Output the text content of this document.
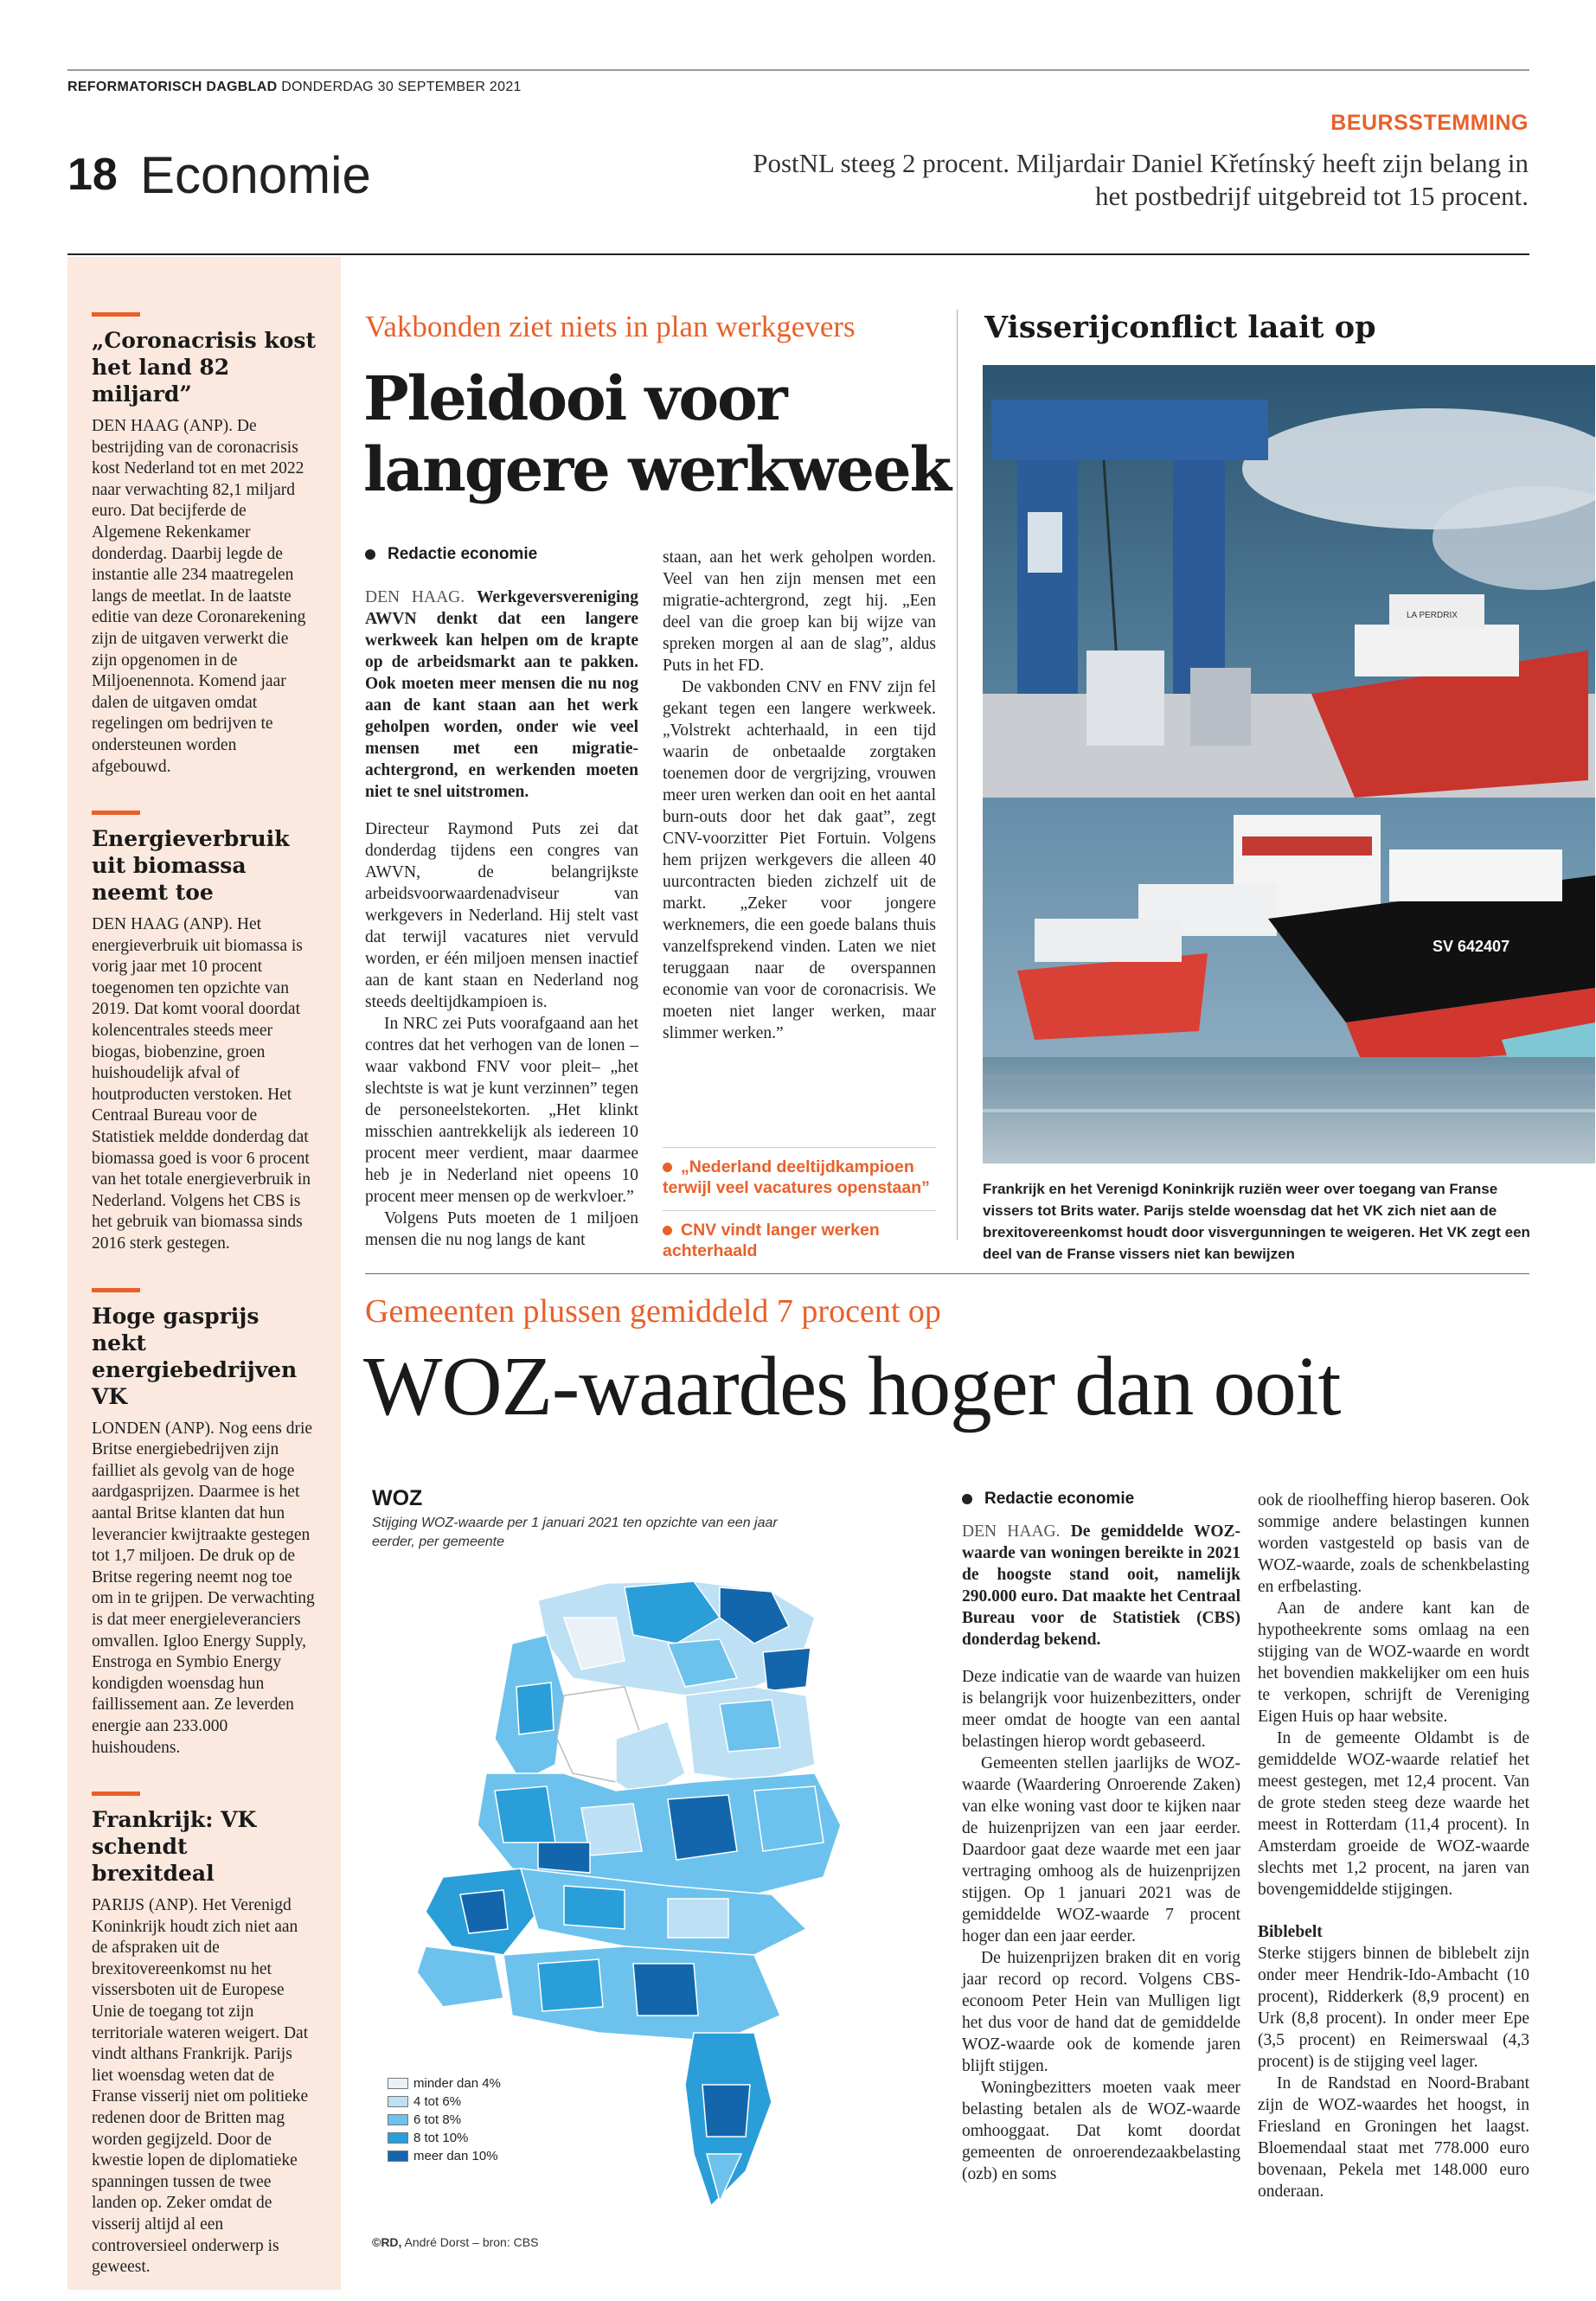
REFORMATORISCH DAGBLAD DONDERDAG 30 SEPTEMBER 2021
18 Economie
BEURSSTEMMING
PostNL steeg 2 procent. Miljardair Daniel Křetínský heeft zijn belang in het postbedrijf uitgebreid tot 15 procent.
„Coronacrisis kost het land 82 miljard”

DEN HAAG (ANP). De bestrijding van de coronacrisis kost Nederland tot en met 2022 naar verwachting 82,1 miljard euro. Dat becijferde de Algemene Rekenkamer donderdag. Daarbij legde de instantie alle 234 maatregelen langs de meetlat. In de laatste editie van deze Coronarekening zijn de uitgaven verwerkt die zijn opgenomen in de Miljoenennota. Komend jaar dalen de uitgaven omdat regelingen om bedrijven te ondersteunen worden afgebouwd.

Energieverbruik uit biomassa neemt toe

DEN HAAG (ANP). Het energieverbruik uit biomassa is vorig jaar met 10 procent toegenomen ten opzichte van 2019. Dat komt vooral doordat kolencentrales steeds meer biogas, biobenzine, groen huishoudelijk afval of houtproducten verstoken. Het Centraal Bureau voor de Statistiek meldde donderdag dat biomassa goed is voor 6 procent van het totale energieverbruik in Nederland. Volgens het CBS is het gebruik van biomassa sinds 2016 sterk gestegen.

Hoge gasprijs nekt energiebedrijven VK

LONDEN (ANP). Nog eens drie Britse energiebedrijven zijn failliet als gevolg van de hoge aardgasprijzen. Daarmee is het aantal Britse klanten dat hun leverancier kwijtraakte gestegen tot 1,7 miljoen. De druk op de Britse regering neemt nog toe om in te grijpen. De verwachting is dat meer energieleveranciers omvallen. Igloo Energy Supply, Enstroga en Symbio Energy kondigden woensdag hun faillissement aan. Ze leverden energie aan 233.000 huishoudens.

Frankrijk: VK schendt brexitdeal

PARIJS (ANP). Het Verenigd Koninkrijk houdt zich niet aan de afspraken uit de brexitovereenkomst nu het vissersboten uit de Europese Unie de toegang tot zijn territoriale wateren weigert. Dat vindt althans Frankrijk. Parijs liet woensdag weten dat de Franse visserij niet om politieke redenen door de Britten mag worden gegijzeld. Door de kwestie lopen de diplomatieke spanningen tussen de twee landen op. Zeker omdat de visserij altijd al een controversieel onderwerp is geweest.

Vakbonden ziet niets in plan werkgevers
Pleidooi voor langere werkweek
Redactie economie

DEN HAAG. Werkgeversvereniging AWVN denkt dat een langere werkweek kan helpen om de krapte op de arbeidsmarkt aan te pakken. Ook moeten meer mensen die nu nog aan de kant staan aan het werk geholpen worden, onder wie veel mensen met een migratie-achtergrond, en werkenden moeten niet te snel uitstromen.

Directeur Raymond Puts zei dat donderdag tijdens een congres van AWVN, de belangrijkste arbeidsvoorwaardenadviseur van werkgevers in Nederland. Hij stelt vast dat terwijl vacatures niet vervuld worden, er één miljoen mensen inactief aan de kant staan en Nederland nog steeds deeltijdkampioen is.

In NRC zei Puts voorafgaand aan het contres dat het verhogen van de lonen –waar vakbond FNV voor pleit– „het slechtste is wat je kunt verzinnen” tegen de personeelstekorten. „Het klinkt misschien aantrekkelijk als iedereen 10 procent meer verdient, maar daarmee heb je in Nederland niet opeens 10 procent meer mensen op de werkvloer.”

Volgens Puts moeten de 1 miljoen mensen die nu nog langs de kant

staan, aan het werk geholpen worden. Veel van hen zijn mensen met een migratie-achtergrond, zegt hij. „Een deel van die groep kan bij wijze van spreken morgen al aan de slag”, aldus Puts in het FD.

De vakbonden CNV en FNV zijn fel gekant tegen een langere werkweek. „Volstrekt achterhaald, in een tijd waarin de onbetaalde zorgtaken toenemen door de vergrijzing, vrouwen meer uren werken dan ooit en het aantal burn-outs door het dak gaat”, zegt CNV-voorzitter Piet Fortuin. Volgens hem prijzen werkgevers die alleen 40 uurcontracten bieden zichzelf uit de markt. „Zeker voor jongere werknemers, die een goede balans thuis vanzelfsprekend vinden. Laten we niet teruggaan naar de overspannen economie van voor de coronacrisis. We moeten niet langer werken, maar slimmer werken.”

„Nederland deeltijdkampioen terwijl veel vacatures openstaan”
CNV vindt langer werken achterhaald
Visserijconflict laait op
LA PERDRIX
SV 642407
Frankrijk en het Verenigd Koninkrijk ruziën weer over toegang van Franse vissers tot Brits water. Parijs stelde woensdag dat het VK zich niet aan de brexitovereenkomst houdt door visvergunningen te weigeren. Het VK zegt een deel van de Franse vissers niet kan bewijzen
Gemeenten plussen gemiddeld 7 procent op
WOZ-waardes hoger dan ooit
WOZ
Stijging WOZ-waarde per 1 januari 2021 ten opzichte van een jaar eerder, per gemeente
minder dan 4%
4 tot 6%
6 tot 8%
8 tot 10%
meer dan 10%
©RD, André Dorst – bron: CBS
Redactie economie

DEN HAAG. De gemiddelde WOZ-waarde van woningen bereikte in 2021 de hoogste stand ooit, namelijk 290.000 euro. Dat maakte het Centraal Bureau voor de Statistiek (CBS) donderdag bekend.

Deze indicatie van de waarde van huizen is belangrijk voor huizenbezitters, onder meer omdat de hoogte van een aantal belastingen hierop wordt gebaseerd.

Gemeenten stellen jaarlijks de WOZ-waarde (Waardering Onroerende Zaken) van elke woning vast door te kijken naar de huizenprijzen van een jaar eerder. Daardoor gaat deze waarde met een jaar vertraging omhoog als de huizenprijzen stijgen. Op 1 januari 2021 was de gemiddelde WOZ-waarde 7 procent hoger dan een jaar eerder.

De huizenprijzen braken dit en vorig jaar record op record. Volgens CBS-econoom Peter Hein van Mulligen ligt het dus voor de hand dat de gemiddelde WOZ-waarde ook de komende jaren blijft stijgen.

Woningbezitters moeten vaak meer belasting betalen als de WOZ-waarde omhooggaat. Dat komt doordat gemeenten de onroerendezaakbelasting (ozb) en soms

ook de rioolheffing hierop baseren. Ook sommige andere belastingen kunnen worden vastgesteld op basis van de WOZ-waarde, zoals de schenkbelasting en erfbelasting.

Aan de andere kant kan de hypotheekrente soms omlaag na een stijging van de WOZ-waarde en wordt het bovendien makkelijker om een huis te verkopen, schrijft de Vereniging Eigen Huis op haar website.

In de gemeente Oldambt is de gemiddelde WOZ-waarde relatief het meest gestegen, met 12,4 procent. Van de grote steden steeg deze waarde het meest in Rotterdam (11,4 procent). In Amsterdam groeide de WOZ-waarde slechts met 1,2 procent, na jaren van bovengemiddelde stijgingen.

Biblebelt

Sterke stijgers binnen de biblebelt zijn onder meer Hendrik-Ido-Ambacht (10 procent), Ridderkerk (8,9 procent) en Urk (8,8 procent). In onder meer Epe (3,5 procent) en Reimerswaal (4,3 procent) is de stijging veel lager.

In de Randstad en Noord-Brabant zijn de WOZ-waardes het hoogst, in Friesland en Groningen het laagst. Bloemendaal staat met 778.000 euro bovenaan, Pekela met 148.000 euro onderaan.
